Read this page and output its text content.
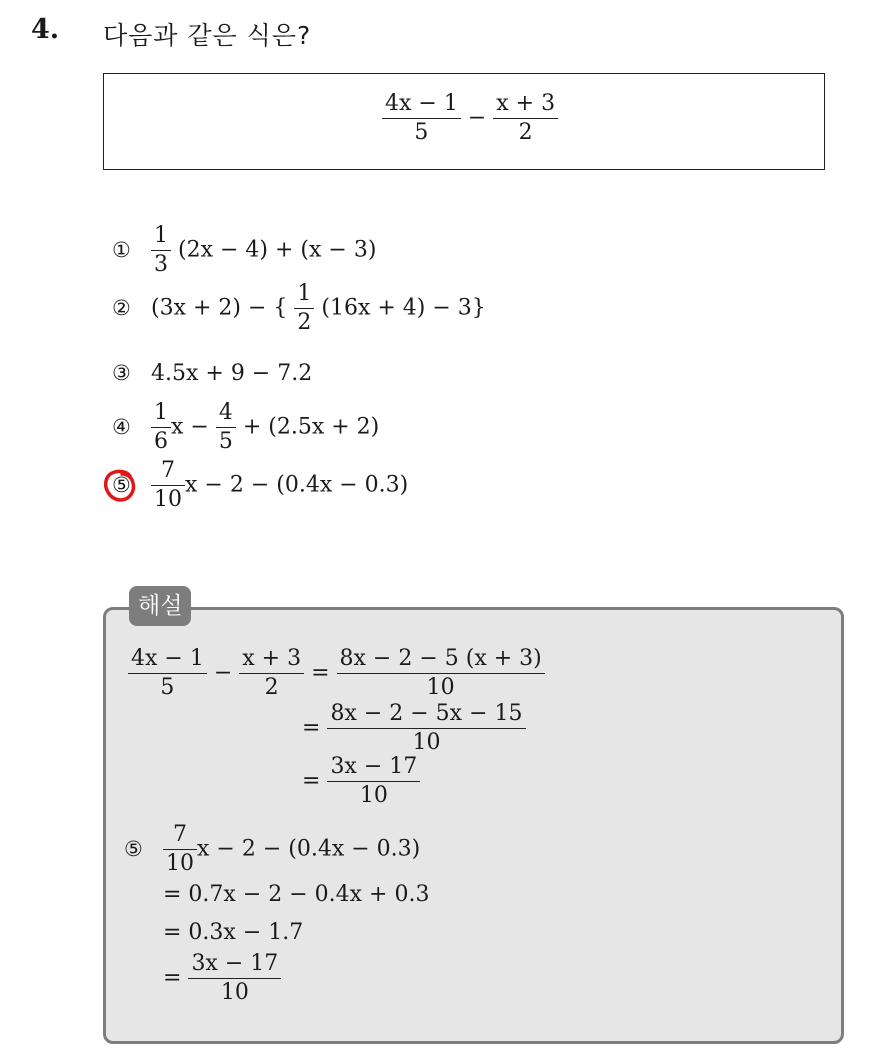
4. 다음과 같은 식은?
$\frac{4x - 1}{5} - \frac{x + 3}{2}$
① $\frac{1}{3} (2x - 4) + (x - 3)$
② (3x + 2) − { $\frac{1}{2} (16x + 4) - 3$}
③ 4.5x + 9 − 7.2
④ $\frac{1}{6}$ $x - \frac{4}{5} + (2.5x + 2)$
⑤ $\frac{7}{10}$ x − 2 − (0.4x − 0.3)
해설
$\frac{4x - 1}{5} - \frac{x + 3}{2} = \frac{8x - 2 - 5 (x + 3)}{10}$
= $\frac{8x - 2 - 5x - 15}{10}$
= $\frac{3x - 17}{10}$
⑤ $\frac{7}{10}$ x − 2 − (0.4x − 0.3)
= 0.7x − 2 − 0.4x + 0.3
= 0.3x − 1.7
= $\frac{3x - 17}{10}$
